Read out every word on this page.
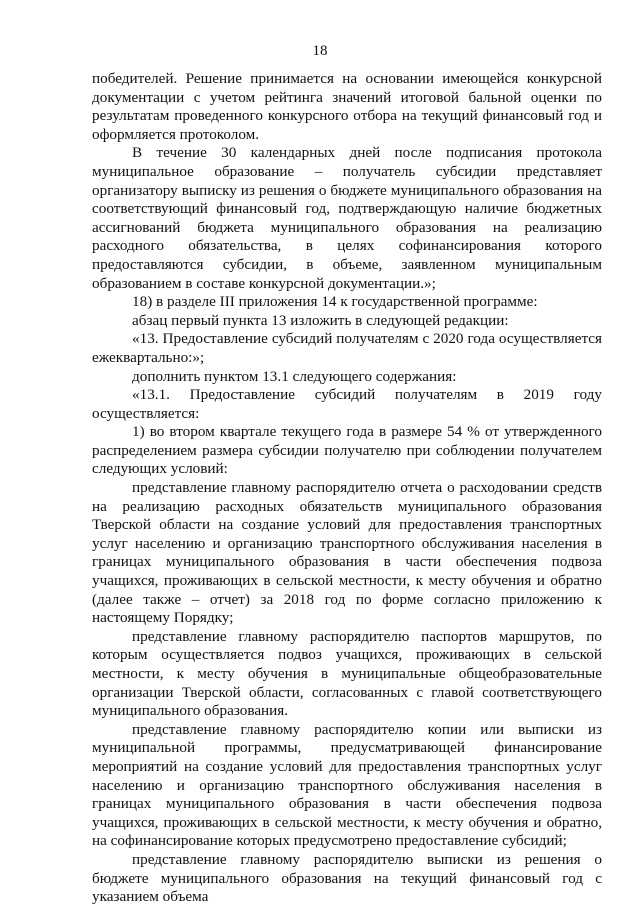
18

победителей. Решение принимается на основании имеющейся конкурсной документации с учетом рейтинга значений итоговой бальной оценки по результатам проведенного конкурсного отбора на текущий финансовый год и оформляется протоколом.

В течение 30 календарных дней после подписания протокола муниципальное образование – получатель субсидии представляет организатору выписку из решения о бюджете муниципального образования на соответствующий финансовый год, подтверждающую наличие бюджетных ассигнований бюджета муниципального образования на реализацию расходного обязательства, в целях софинансирования которого предоставляются субсидии, в объеме, заявленном муниципальным образованием в составе конкурсной документации.»;

18) в разделе III приложения 14 к государственной программе:

абзац первый пункта 13 изложить в следующей редакции:

«13. Предоставление субсидий получателям с 2020 года осуществляется ежеквартально:»;

дополнить пунктом 13.1 следующего содержания:

«13.1. Предоставление субсидий получателям в 2019 году осуществляется:

1) во втором квартале текущего года в размере 54 % от утвержденного распределением размера субсидии получателю при соблюдении получателем следующих условий:

представление главному распорядителю отчета о расходовании средств на реализацию расходных обязательств муниципального образования Тверской области на создание условий для предоставления транспортных услуг населению и организацию транспортного обслуживания населения в границах муниципального образования в части обеспечения подвоза учащихся, проживающих в сельской местности, к месту обучения и обратно (далее также – отчет) за 2018 год по форме согласно приложению к настоящему Порядку;

представление главному распорядителю паспортов маршрутов, по которым осуществляется подвоз учащихся, проживающих в сельской местности, к месту обучения в муниципальные общеобразовательные организации Тверской области, согласованных с главой соответствующего муниципального образования.

представление главному распорядителю копии или выписки из муниципальной программы, предусматривающей финансирование мероприятий на создание условий для предоставления транспортных услуг населению и организацию транспортного обслуживания населения в границах муниципального образования в части обеспечения подвоза учащихся, проживающих в сельской местности, к месту обучения и обратно, на софинансирование которых предусмотрено предоставление субсидий;

представление главному распорядителю выписки из решения о бюджете муниципального образования на текущий финансовый год с указанием объема
